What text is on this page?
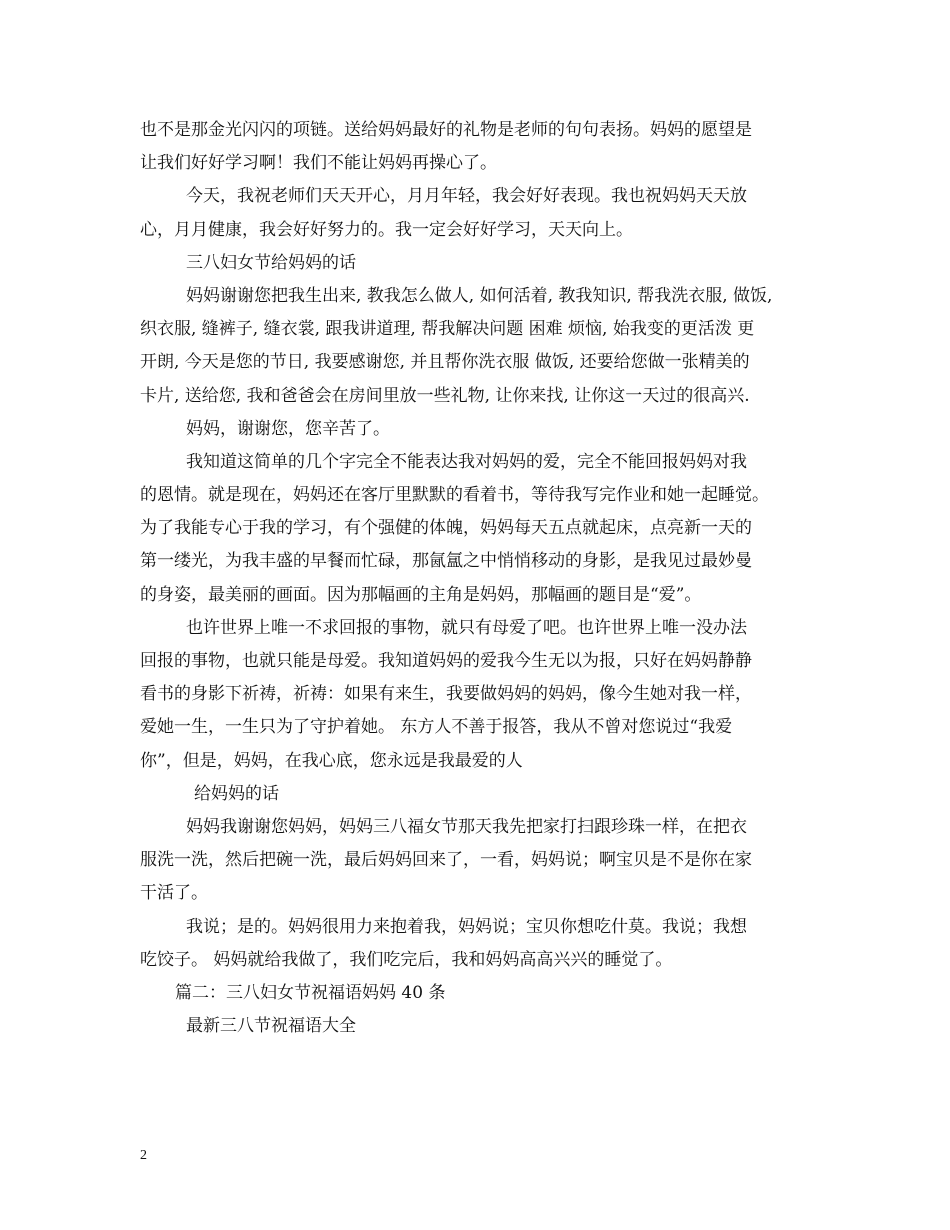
也不是那金光闪闪的项链。送给妈妈最好的礼物是老师的句句表扬。妈妈的愿望是
让我们好好学习啊！我们不能让妈妈再操心了。
今天，我祝老师们天天开心，月月年轻，我会好好表现。我也祝妈妈天天放
心，月月健康，我会好好努力的。我一定会好好学习，天天向上。
三八妇女节给妈妈的话
妈妈谢谢您把我生出来, 教我怎么做人, 如何活着, 教我知识, 帮我洗衣服, 做饭,
织衣服, 缝裤子, 缝衣裳, 跟我讲道理, 帮我解决问题 困难 烦恼, 始我变的更活泼 更
开朗, 今天是您的节日, 我要感谢您, 并且帮你洗衣服 做饭, 还要给您做一张精美的
卡片, 送给您, 我和爸爸会在房间里放一些礼物, 让你来找, 让你这一天过的很高兴.
妈妈，谢谢您，您辛苦了。
我知道这简单的几个字完全不能表达我对妈妈的爱，完全不能回报妈妈对我
的恩情。就是现在，妈妈还在客厅里默默的看着书，等待我写完作业和她一起睡觉。
为了我能专心于我的学习，有个强健的体魄，妈妈每天五点就起床，点亮新一天的
第一缕光，为我丰盛的早餐而忙碌，那氤氲之中悄悄移动的身影，是我见过最妙曼
的身姿，最美丽的画面。因为那幅画的主角是妈妈，那幅画的题目是“爱”。
也许世界上唯一不求回报的事物，就只有母爱了吧。也许世界上唯一没办法
回报的事物，也就只能是母爱。我知道妈妈的爱我今生无以为报，只好在妈妈静静
看书的身影下祈祷，祈祷：如果有来生，我要做妈妈的妈妈，像今生她对我一样，
爱她一生，一生只为了守护着她。 东方人不善于报答，我从不曾对您说过“我爱
你”，但是，妈妈，在我心底，您永远是我最爱的人
给妈妈的话
妈妈我谢谢您妈妈，妈妈三八福女节那天我先把家打扫跟珍珠一样，在把衣
服洗一洗，然后把碗一洗，最后妈妈回来了，一看，妈妈说；啊宝贝是不是你在家
干活了。
我说；是的。妈妈很用力来抱着我，妈妈说；宝贝你想吃什莫。我说；我想
吃饺子。 妈妈就给我做了，我们吃完后，我和妈妈高高兴兴的睡觉了。
篇二：三八妇女节祝福语妈妈 40 条
最新三八节祝福语大全
2
